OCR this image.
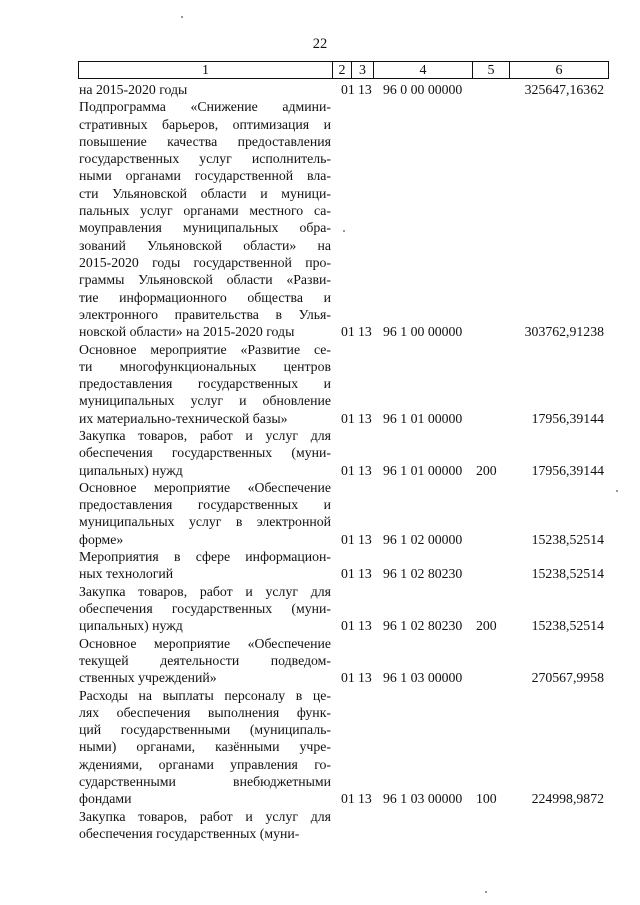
22
1	2 3	4	5	6
на 2015-2020 годы	01 13 96 0 00 00000	325647,16362
Подпрограмма «Снижение админи-
стративных барьеров, оптимизация и
повышение качества предоставления
государственных услуг исполнитель-
ными органами государственной вла-
сти Ульяновской области и муници-
пальных услуг органами местного са-
моуправления муниципальных обра-
зований Ульяновской области» на
2015-2020 годы государственной про-
граммы Ульяновской области «Разви-
тие информационного общества и
электронного правительства в Улья-
новской области» на 2015-2020 годы	01 13 96 1 00 00000	303762,91238
Основное мероприятие «Развитие се-
ти многофункциональных центров
предоставления государственных и
муниципальных услуг и обновление
их материально-технической базы»	01 13 96 1 01 00000	17956,39144
Закупка товаров, работ и услуг для
обеспечения государственных (муни-
ципальных) нужд	01 13 96 1 01 00000 200	17956,39144
Основное мероприятие «Обеспечение
предоставления государственных и
муниципальных услуг в электронной
форме»	01 13 96 1 02 00000	15238,52514
Мероприятия в сфере информацион-
ных технологий	01 13 96 1 02 80230	15238,52514
Закупка товаров, работ и услуг для
обеспечения государственных (муни-
ципальных) нужд	01 13 96 1 02 80230 200	15238,52514
Основное мероприятие «Обеспечение
текущей деятельности подведом-
ственных учреждений»	01 13 96 1 03 00000	270567,9958
Расходы на выплаты персоналу в це-
лях обеспечения выполнения функ-
ций государственными (муниципаль-
ными) органами, казёнными учре-
ждениями, органами управления го-
сударственными внебюджетными
фондами	01 13 96 1 03 00000 100	224998,9872
Закупка товаров, работ и услуг для
обеспечения государственных (муни-
